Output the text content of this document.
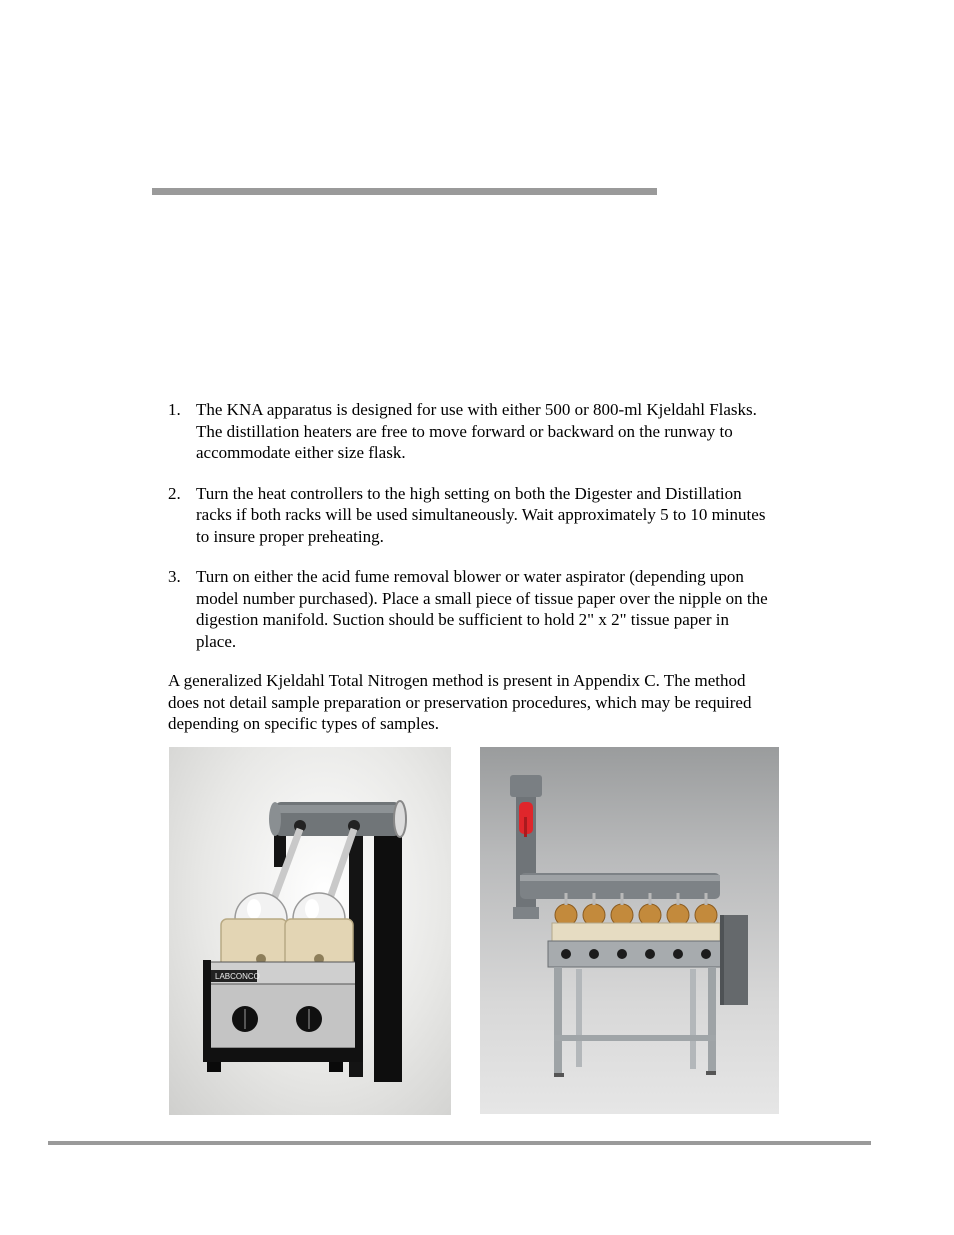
1. The KNA apparatus is designed for use with either 500 or 800-ml Kjeldahl Flasks. The distillation heaters are free to move forward or backward on the runway to accommodate either size flask.
2. Turn the heat controllers to the high setting on both the Digester and Distillation racks if both racks will be used simultaneously. Wait approximately 5 to 10 minutes to insure proper preheating.
3. Turn on either the acid fume removal blower or water aspirator (depending upon model number purchased). Place a small piece of tissue paper over the nipple on the digestion manifold. Suction should be sufficient to hold 2" x 2" tissue paper in place.

A generalized Kjeldahl Total Nitrogen method is present in Appendix C. The method does not detail sample preparation or preservation procedures, which may be required depending on specific types of samples.

LABCONCO
